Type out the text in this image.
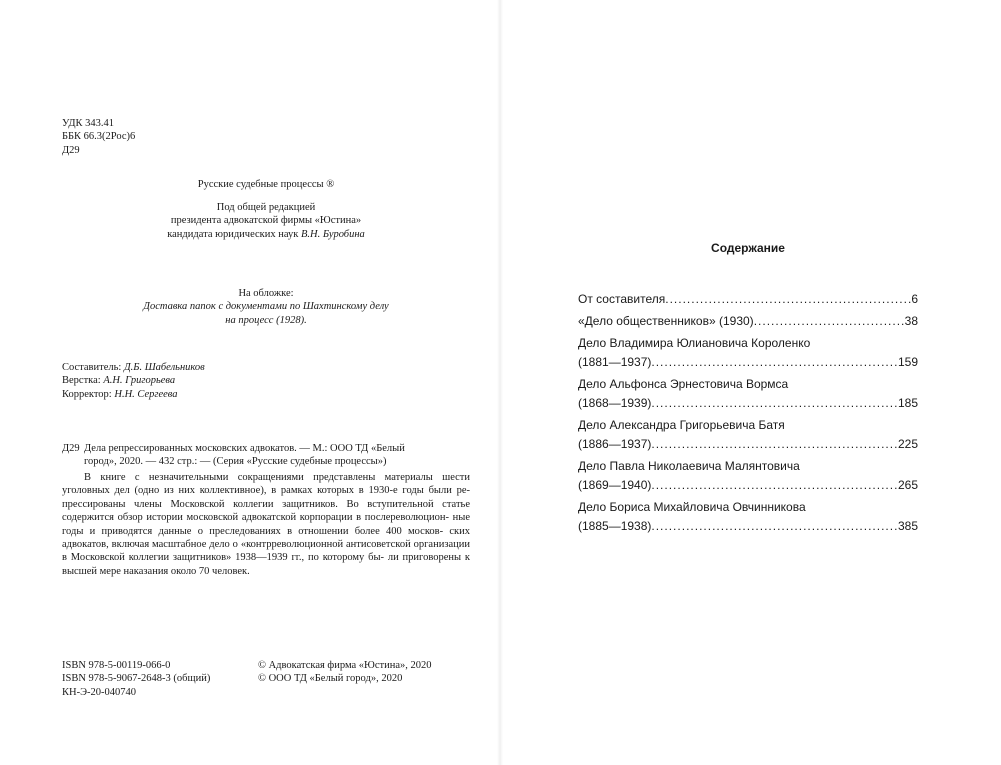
УДК 343.41
ББК 66.3(2Рос)6
Д29
Русские судебные процессы ®
Под общей редакцией
президента адвокатской фирмы «Юстина»
кандидата юридических наук В.Н. Буробина
На обложке:
Доставка папок с документами по Шахтинскому делу
на процесс (1928).
Составитель: Д.Б. Шабельников
Верстка: А.Н. Григорьева
Корректор: Н.Н. Сергеева
Д29 Дела репрессированных московских адвокатов. — М.: ООО ТД «Белый
город», 2020. — 432 стр.: — (Серия «Русские судебные процессы»)

В книге с незначительными сокращениями представлены материалы шести уголовных дел (одно из них коллективное), в рамках которых в 1930-е годы были ре- прессированы члены Московской коллегии защитников. Во вступительной статье содержится обзор истории московской адвокатской корпорации в послереволюцион- ные годы и приводятся данные о преследованиях в отношении более 400 москов- ских адвокатов, включая масштабное дело о «контрреволюционной антисоветской организации в Московской коллегии защитников» 1938—1939 гг., по которому бы- ли приговорены к высшей мере наказания около 70 человек.

ISBN 978-5-00119-066-0
ISBN 978-5-9067-2648-3 (общий)
КН-Э-20-040740
© Адвокатская фирма «Юстина», 2020
© ООО ТД «Белый город», 2020
Содержание
От составителя .....	6
«Дело общественников» (1930) .....	38
Дело Владимира Юлиановича Короленко
(1881—1937) .....	159
Дело Альфонса Эрнестовича Вормса
(1868—1939) .....	185
Дело Александра Григорьевича Батя
(1886—1937) .....	225
Дело Павла Николаевича Малянтовича
(1869—1940) .....	265
Дело Бориса Михайловича Овчинникова
(1885—1938) .....	385
